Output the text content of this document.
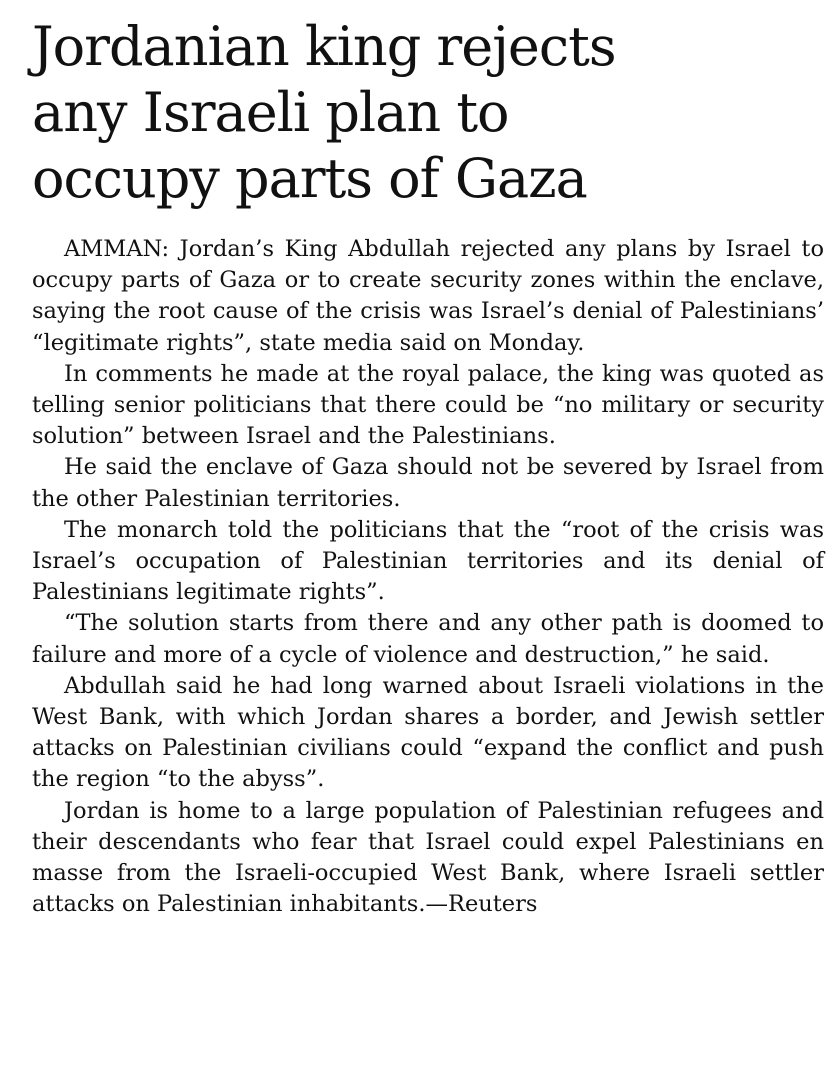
Jordanian king rejects any Israeli plan to occupy parts of Gaza

AMMAN: Jordan’s King Abdullah rejected any plans by Israel to occupy parts of Gaza or to create security zones within the enclave, saying the root cause of the crisis was Israel’s denial of Palestinians’ “legitimate rights”, state media said on Monday.

In comments he made at the royal palace, the king was quoted as telling senior politicians that there could be “no military or security solution” between Israel and the Palestinians.

He said the enclave of Gaza should not be severed by Israel from the other Palestinian territories.

The monarch told the politicians that the “root of the crisis was Israel’s occupation of Palestinian territories and its denial of Palestinians legitimate rights”.

“The solution starts from there and any other path is doomed to failure and more of a cycle of violence and destruction,” he said.

Abdullah said he had long warned about Israeli violations in the West Bank, with which Jordan shares a border, and Jewish settler attacks on Palestinian civilians could “expand the conflict and push the region “to the abyss”.

Jordan is home to a large population of Palestinian refugees and their descendants who fear that Israel could expel Palestinians en masse from the Israeli-occupied West Bank, where Israeli settler attacks on Palestinian inhabitants.—Reuters
